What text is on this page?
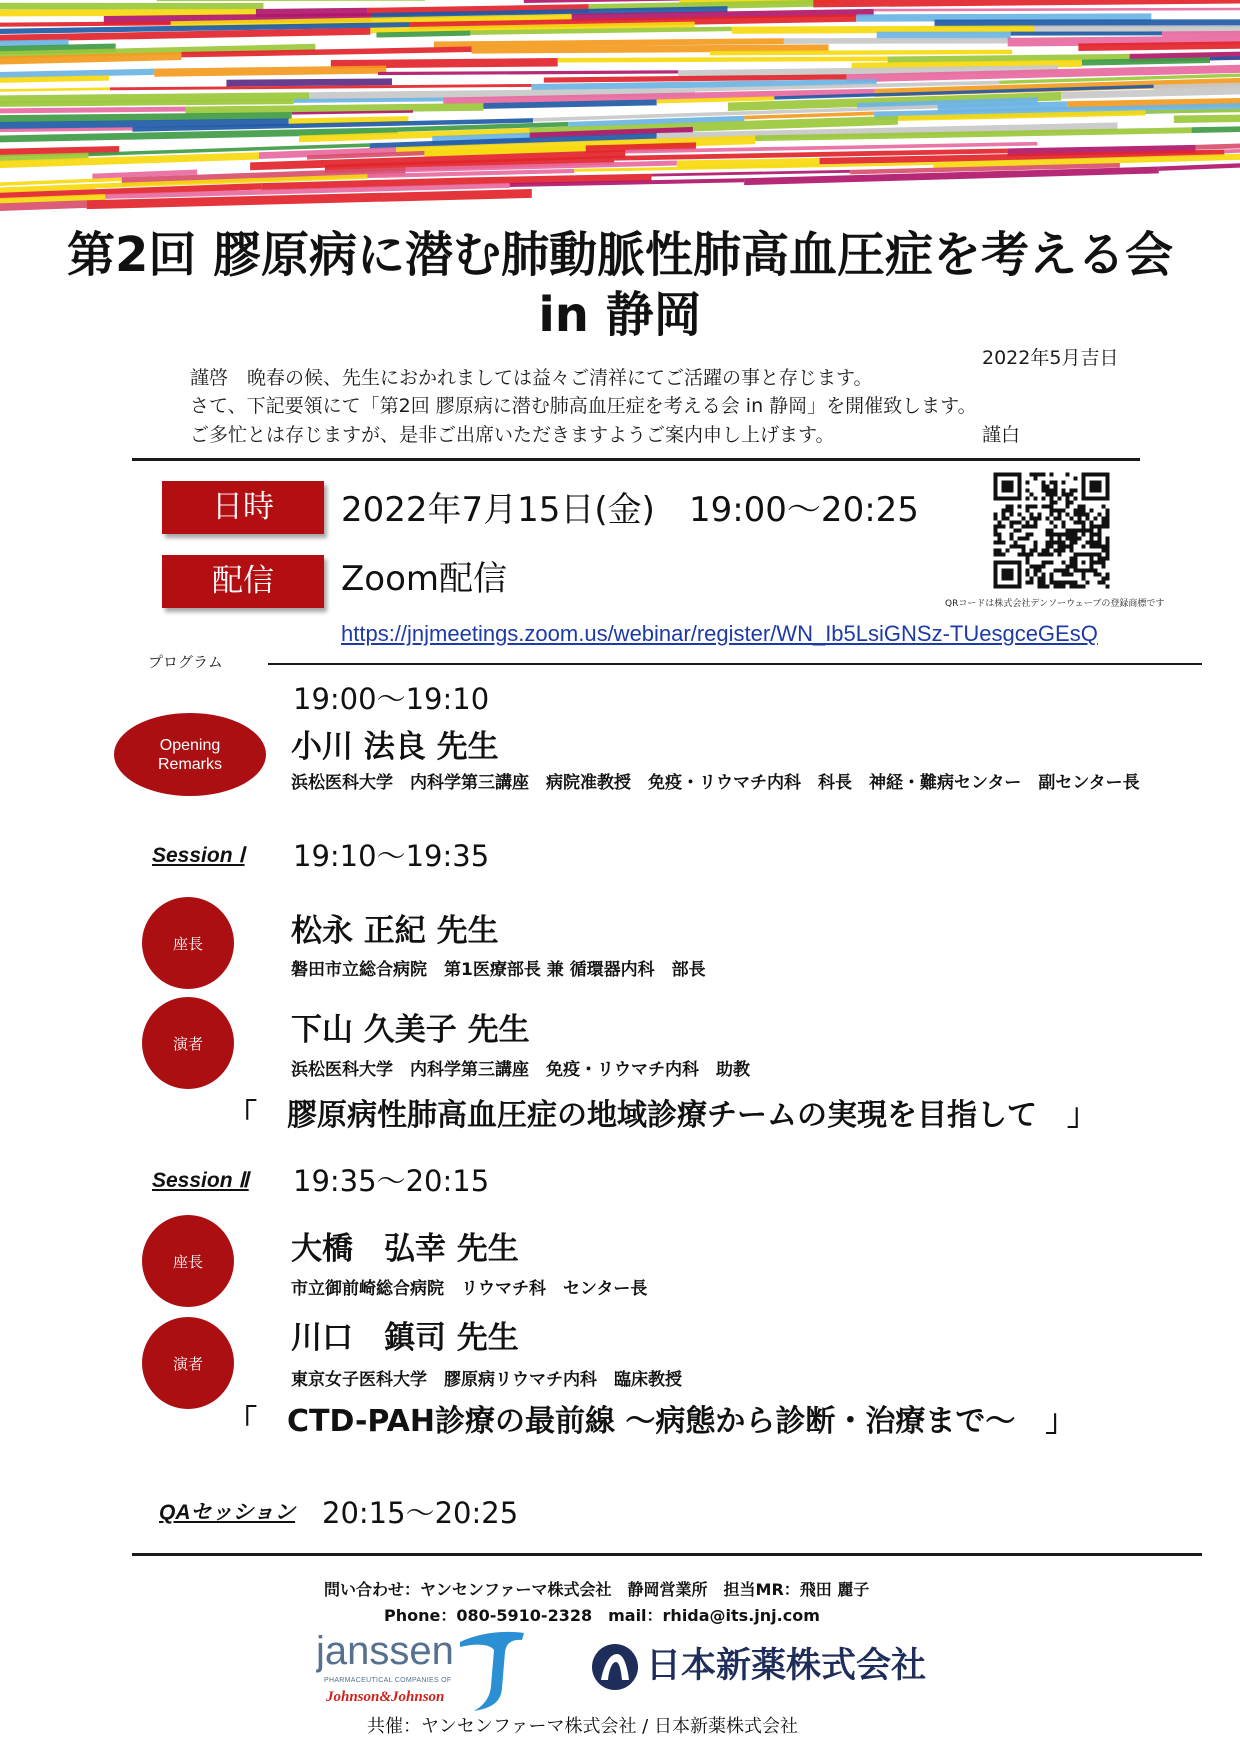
第2回 膠原病に潜む肺動脈性肺高血圧症を考える会
in 静岡
2022年5月吉日
謹啓　晩春の候、先生におかれましては益々ご清祥にてご活躍の事と存じます。
さて、下記要領にて「第2回 膠原病に潜む肺高血圧症を考える会 in 静岡」を開催致します。
ご多忙とは存じますが、是非ご出席いただきますようご案内申し上げます。	謹白
日時	2022年7月15日(金)　19:00～20:25
配信	Zoom配信
QRコードは株式会社デンソーウェーブの登録商標です
https://jnjmeetings.zoom.us/webinar/register/WN_Ib5LsiGNSz-TUesgceGEsQ
プログラム
19:00～19:10
Opening
Remarks 小川 法良 先生
浜松医科大学　内科学第三講座　病院准教授　免疫・リウマチ内科　科長　神経・難病センター　副センター長
Session Ⅰ 19:10～19:35
座長	松永 正紀 先生
磐田市立総合病院　第1医療部長 兼 循環器内科　部長
演者	下山 久美子 先生
浜松医科大学　内科学第三講座　免疫・リウマチ内科　助教
「　膠原病性肺高血圧症の地域診療チームの実現を目指して　」
Session Ⅱ 19:35～20:15
座長	大橋　弘幸 先生
市立御前崎総合病院　リウマチ科　センター長
演者
川口　鎮司 先生
東京女子医科大学　膠原病リウマチ内科　臨床教授
「　CTD-PAH診療の最前線 ～病態から診断・治療まで～　」
QAセッション 20:15～20:25
問い合わせ：ヤンセンファーマ株式会社　静岡営業所　担当MR：飛田 麗子
Phone：080-5910-2328　mail：rhida@its.jnj.com
janssen
PHARMACEUTICAL COMPANIES OF
Johnson&Johnson
日本新薬株式会社
共催：ヤンセンファーマ株式会社 / 日本新薬株式会社
